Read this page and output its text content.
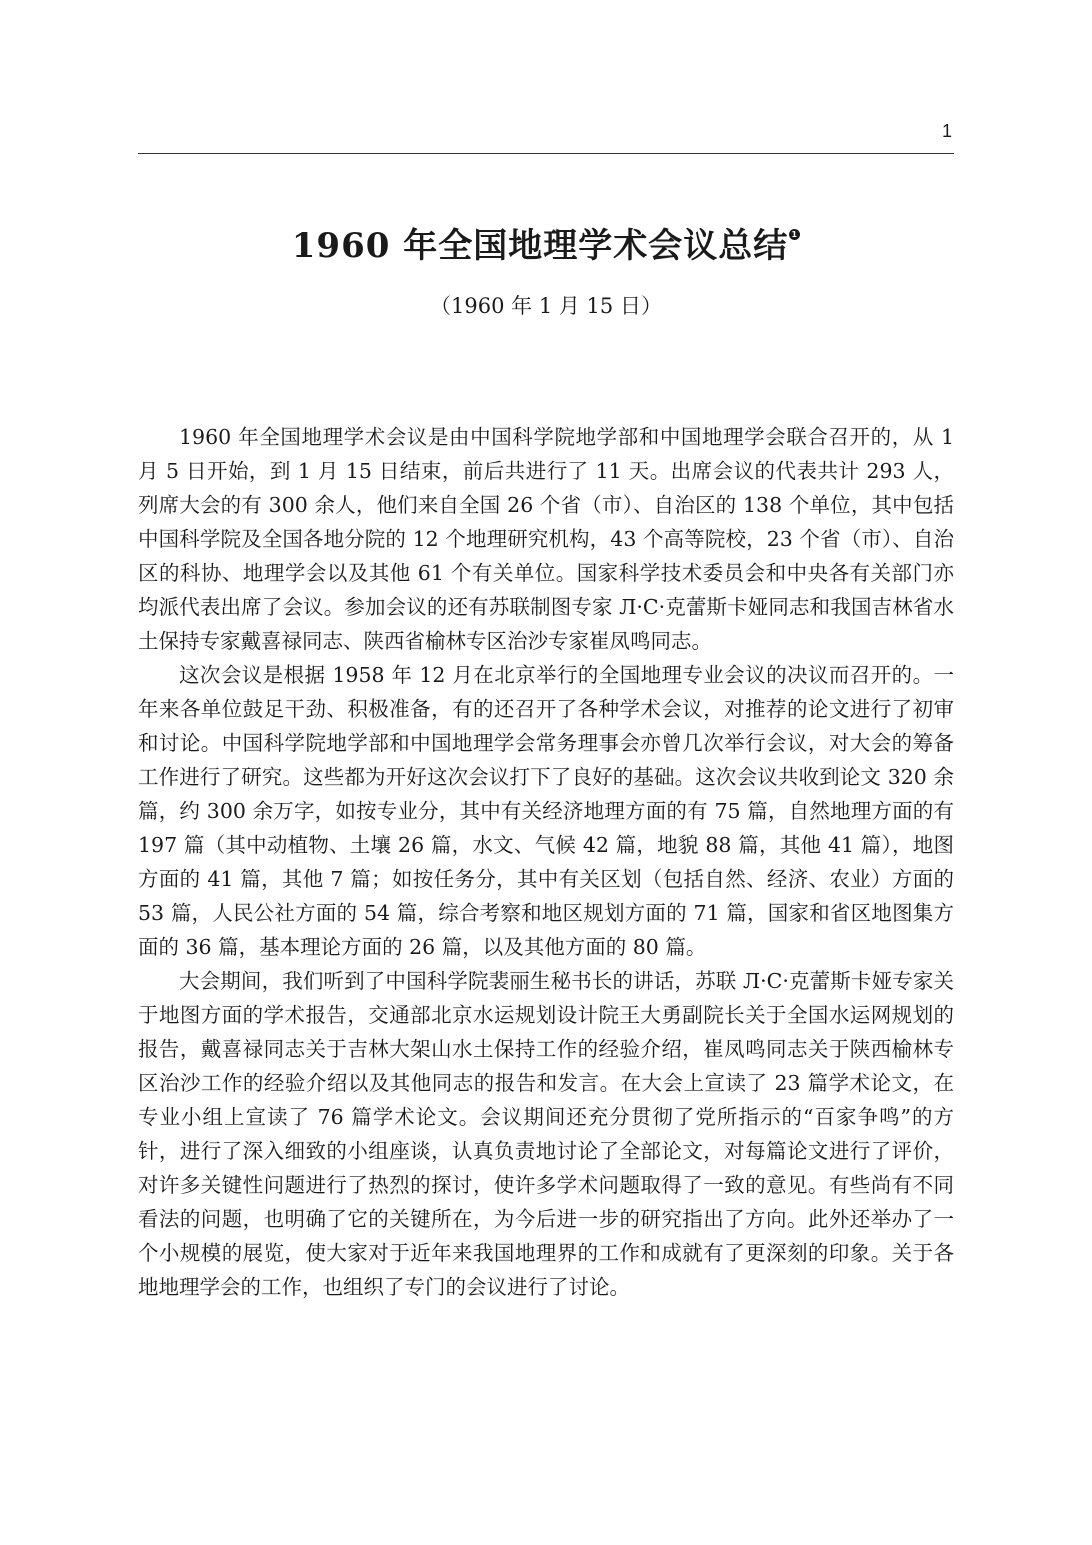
1
1960 年全国地理学术会议总结 1
（1960 年 1 月 15 日）

1960 年全国地理学术会议是由中国科学院地学部和中国地理学会联合召开的，从 1 月 5 日开始，到 1 月 15 日结束，前后共进行了 11 天。出席会议的代表共计 293 人，列席大会的有 300 余人，他们来自全国 26 个省（市）、自治区的 138 个单位，其中包括中国科学院及全国各地分院的 12 个地理研究机构，43 个高等院校，23 个省（市）、自治区的科协、地理学会以及其他 61 个有关单位。国家科学技术委员会和中央各有关部门亦均派代表出席了会议。参加会议的还有苏联制图专家 Л·С·克蕾斯卡娅同志和我国吉林省水土保持专家戴喜禄同志、陕西省榆林专区治沙专家崔凤鸣同志。

这次会议是根据 1958 年 12 月在北京举行的全国地理专业会议的决议而召开的。一年来各单位鼓足干劲、积极准备，有的还召开了各种学术会议，对推荐的论文进行了初审和讨论。中国科学院地学部和中国地理学会常务理事会亦曾几次举行会议，对大会的筹备工作进行了研究。这些都为开好这次会议打下了良好的基础。这次会议共收到论文 320 余篇，约 300 余万字，如按专业分，其中有关经济地理方面的有 75 篇，自然地理方面的有 197 篇（其中动植物、土壤 26 篇，水文、气候 42 篇，地貌 88 篇，其他 41 篇），地图方面的 41 篇，其他 7 篇；如按任务分，其中有关区划（包括自然、经济、农业）方面的 53 篇，人民公社方面的 54 篇，综合考察和地区规划方面的 71 篇，国家和省区地图集方面的 36 篇，基本理论方面的 26 篇，以及其他方面的 80 篇。

大会期间，我们听到了中国科学院裴丽生秘书长的讲话，苏联 Л·С·克蕾斯卡娅专家关于地图方面的学术报告，交通部北京水运规划设计院王大勇副院长关于全国水运网规划的报告，戴喜禄同志关于吉林大架山水土保持工作的经验介绍，崔凤鸣同志关于陕西榆林专区治沙工作的经验介绍以及其他同志的报告和发言。在大会上宣读了 23 篇学术论文，在专业小组上宣读了 76 篇学术论文。会议期间还充分贯彻了党所指示的“百家争鸣”的方针，进行了深入细致的小组座谈，认真负责地讨论了全部论文，对每篇论文进行了评价，对许多关键性问题进行了热烈的探讨，使许多学术问题取得了一致的意见。有些尚有不同看法的问题，也明确了它的关键所在，为今后进一步的研究指出了方向。此外还举办了一个小规模的展览，使大家对于近年来我国地理界的工作和成就有了更深刻的印象。关于各地地理学会的工作，也组织了专门的会议进行了讨论。
